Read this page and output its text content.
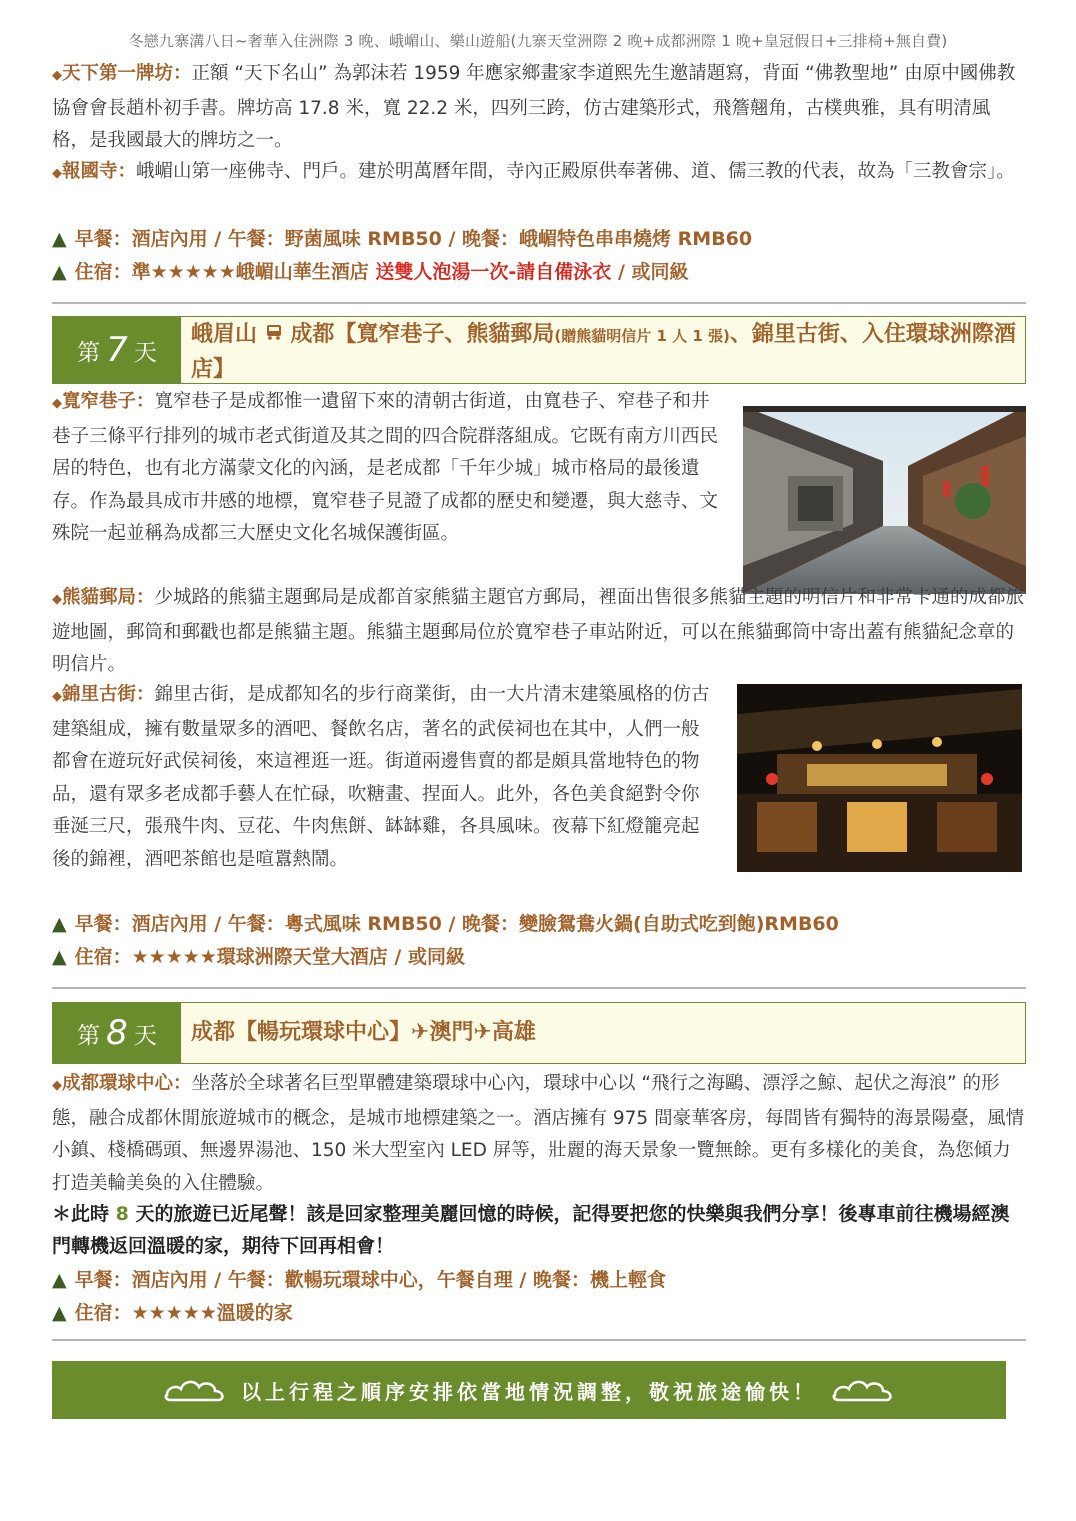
冬戀九寨溝八日~奢華入住洲際 3 晚、峨嵋山、樂山遊船(九寨天堂洲際 2 晚+成都洲際 1 晚+皇冠假日+三排椅+無自費)
◆天下第一牌坊：正額 “天下名山” 為郭沫若 1959 年應家鄉畫家李道熙先生邀請題寫，背面 “佛教聖地” 由原中國佛教協會會長趙朴初手書。牌坊高 17.8 米，寬 22.2 米，四列三跨，仿古建築形式，飛簷翹角，古樸典雅，具有明清風格，是我國最大的牌坊之一。
◆報國寺：峨嵋山第一座佛寺、門戶。建於明萬曆年間，寺內正殿原供奉著佛、道、儒三教的代表，故為「三教會宗」。
▲ 早餐：酒店內用 / 午餐：野菌風味 RMB50 / 晚餐：峨嵋特色串串燒烤 RMB60
▲ 住宿：準★★★★★峨嵋山華生酒店 送雙人泡湯一次-請自備泳衣 / 或同級
第 7 天
峨眉山 成都【寬窄巷子、熊貓郵局(贈熊貓明信片 1 人 1 張)、錦里古街、入住環球洲際酒店】
◆寬窄巷子：寬窄巷子是成都惟一遺留下來的清朝古街道，由寬巷子、窄巷子和井巷子三條平行排列的城市老式街道及其之間的四合院群落組成。它既有南方川西民居的特色，也有北方滿蒙文化的內涵，是老成都「千年少城」城市格局的最後遺存。作為最具成市井感的地標，寬窄巷子見證了成都的歷史和變遷，與大慈寺、文殊院一起並稱為成都三大歷史文化名城保護街區。
◆熊貓郵局：少城路的熊貓主題郵局是成都首家熊貓主題官方郵局，裡面出售很多熊貓主題的明信片和非常卡通的成都旅遊地圖，郵筒和郵戳也都是熊貓主題。熊貓主題郵局位於寬窄巷子車站附近，可以在熊貓郵筒中寄出蓋有熊貓紀念章的明信片。
◆錦里古街：錦里古街，是成都知名的步行商業街，由一大片清末建築風格的仿古建築組成，擁有數量眾多的酒吧、餐飲名店，著名的武侯祠也在其中，人們一般都會在遊玩好武侯祠後，來這裡逛一逛。街道兩邊售賣的都是頗具當地特色的物品，還有眾多老成都手藝人在忙碌，吹糖畫、捏面人。此外，各色美食絕對令你垂涎三尺，張飛牛肉、豆花、牛肉焦餅、缽缽雞，各具風味。夜幕下紅燈籠亮起後的錦裡，酒吧茶館也是喧囂熱鬧。
▲ 早餐：酒店內用 / 午餐：粵式風味 RMB50 / 晚餐：變臉鴛鴦火鍋(自助式吃到飽)RMB60
▲ 住宿：★★★★★環球洲際天堂大酒店 / 或同級
第 8 天 成都【暢玩環球中心】✈澳門✈高雄
◆成都環球中心：坐落於全球著名巨型單體建築環球中心內，環球中心以 “飛行之海鷗、漂浮之鯨、起伏之海浪” 的形態，融合成都休閒旅遊城市的概念，是城市地標建築之一。酒店擁有 975 間豪華客房，每間皆有獨特的海景陽臺，風情小鎮、棧橋碼頭、無邊界湯池、150 米大型室內 LED 屏等，壯麗的海天景象一覽無餘。更有多樣化的美食，為您傾力打造美輪美奐的入住體驗。
＊此時 8 天的旅遊已近尾聲！該是回家整理美麗回憶的時候，記得要把您的快樂與我們分享！後專車前往機場經澳門轉機返回溫暖的家，期待下回再相會！
▲ 早餐：酒店內用 / 午餐：歡暢玩環球中心，午餐自理 / 晚餐：機上輕食
▲ 住宿：★★★★★溫暖的家
以上行程之順序安排依當地情況調整，敬祝旅途愉快！
